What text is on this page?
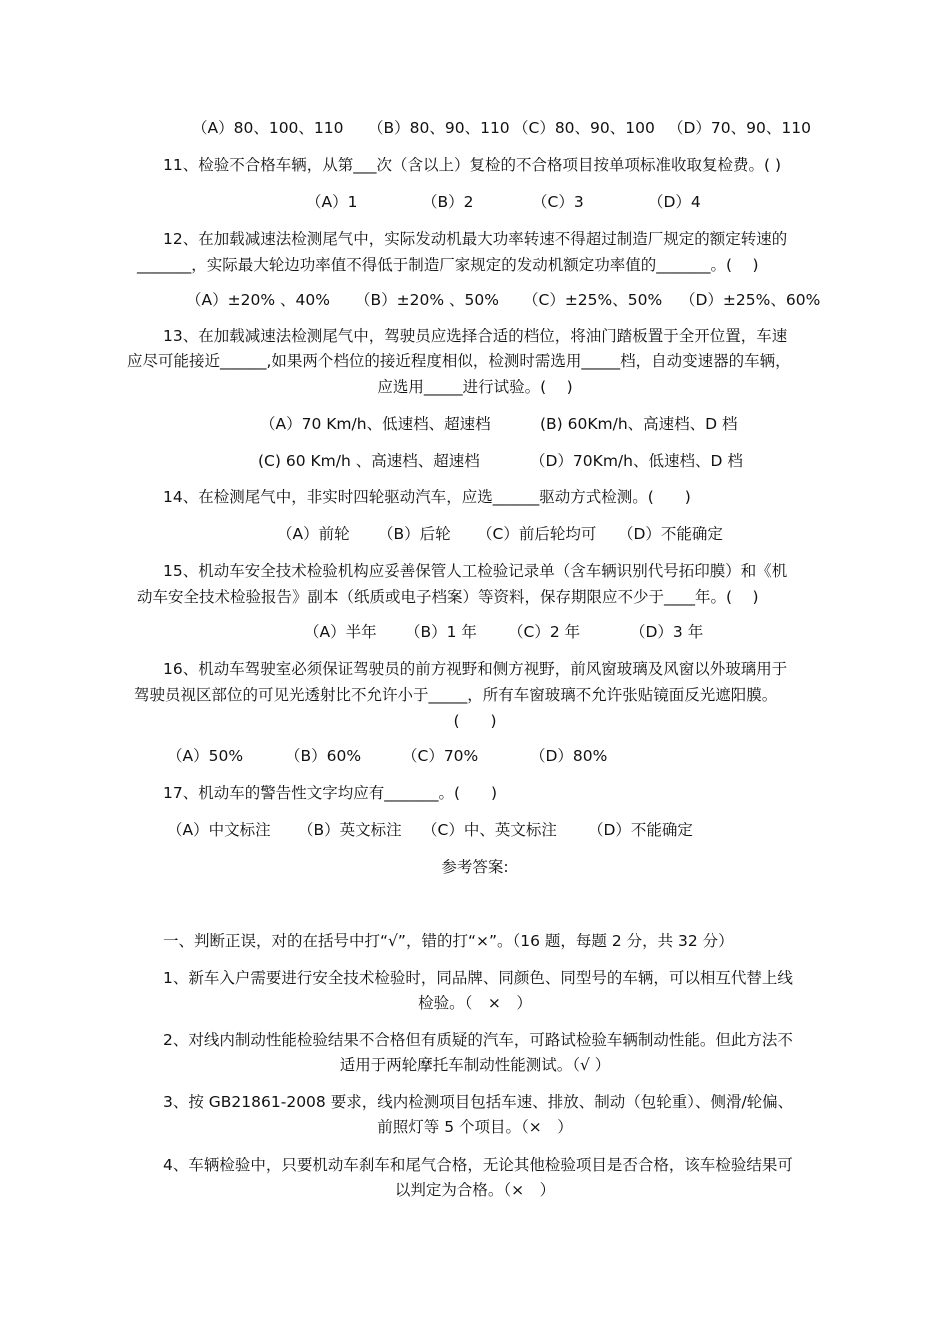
（A）80、100、110 （B）80、90、110 （C）80、90、100 （D）70、90、110
11、检验不合格车辆，从第___次（含以上）复检的不合格项目按单项标准收取复检费。( )
（A）1	（B）2	（C）3	（D）4
12、在加载减速法检测尾气中，实际发动机最大功率转速不得超过制造厂规定的额定转速的
_______，实际最大轮边功率值不得低于制造厂家规定的发动机额定功率值的_______。(　 )
（A）±20% 、40% （B）±20% 、50% （C）±25%、50% （D）±25%、60%
13、在加载减速法检测尾气中，驾驶员应选择合适的档位，将油门踏板置于全开位置，车速
应尽可能接近______,如果两个档位的接近程度相似，检测时需选用_____档，自动变速器的车辆，
应选用_____进行试验。(　 )
（A）70 Km/h、低速档、超速档	(B) 60Km/h、高速档、D 档
(C) 60 Km/h 、高速档、超速档	（D）70Km/h、低速档、D 档
14、在检测尾气中，非实时四轮驱动汽车，应选______驱动方式检测。(　　)
（A）前轮 （B）后轮 （C）前后轮均可 （D）不能确定
15、机动车安全技术检验机构应妥善保管人工检验记录单（含车辆识别代号拓印膜）和《机
动车安全技术检验报告》副本（纸质或电子档案）等资料，保存期限应不少于____年。(　 )
（A）半年 （B）1 年 （C）2 年	（D）3 年
16、机动车驾驶室必须保证驾驶员的前方视野和侧方视野，前风窗玻璃及风窗以外玻璃用于
驾驶员视区部位的可见光透射比不允许小于_____，所有车窗玻璃不允许张贴镜面反光遮阳膜。
(　　)
（A）50%	（B）60%	（C）70%	（D）80%
17、机动车的警告性文字均应有_______。(　　)
（A）中文标注 （B）英文标注 （C）中、英文标注 （D）不能确定
参考答案:
一、判断正误，对的在括号中打“√”，错的打“×”。（16 题，每题 2 分，共 32 分）
1、新车入户需要进行安全技术检验时，同品牌、同颜色、同型号的车辆，可以相互代替上线
检验。（　×　）
2、对线内制动性能检验结果不合格但有质疑的汽车，可路试检验车辆制动性能。但此方法不
适用于两轮摩托车制动性能测试。（√ ）
3、按 GB21861-2008 要求，线内检测项目包括车速、排放、制动（包轮重）、侧滑/轮偏、
前照灯等 5 个项目。（×　）
4、车辆检验中，只要机动车刹车和尾气合格，无论其他检验项目是否合格，该车检验结果可
以判定为合格。（×　）
